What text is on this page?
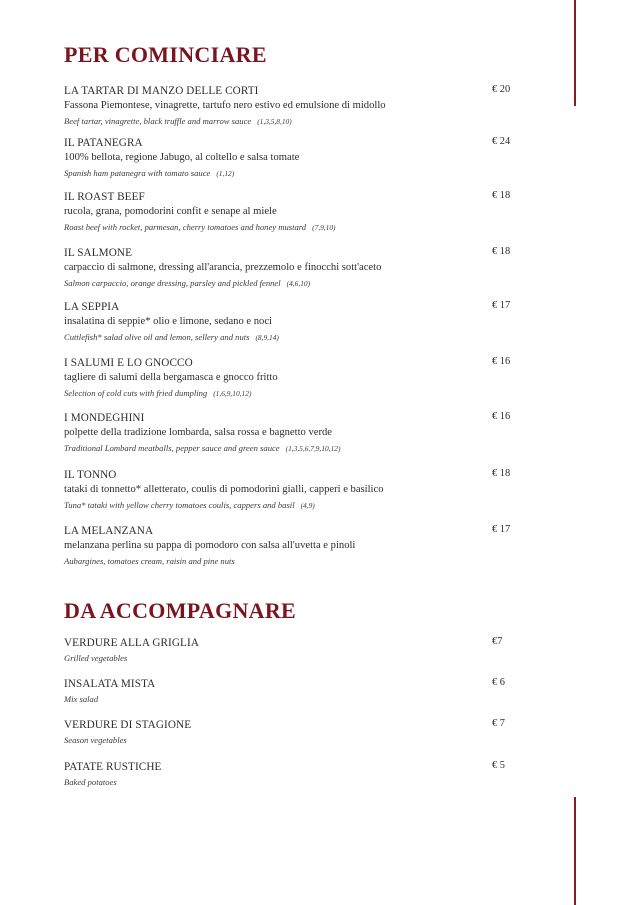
PER COMINCIARE
LA TARTAR DI MANZO DELLE CORTI
Fassona Piemontese, vinagrette, tartufo nero estivo ed emulsione di midollo
Beef tartar, vinagrette, black truffle and marrow sauce (1,3,5,8,10)
€ 20
IL PATANEGRA
100% bellota, regione Jabugo, al coltello e salsa tomate
Spanish ham patanegra with tomato sauce (1,12)
€ 24
IL ROAST BEEF
rucola, grana, pomodorini confit e senape al miele
Roast beef with rocket, parmesan, cherry tomatoes and honey mustard (7,9,10)
€ 18
IL SALMONE
carpaccio di salmone, dressing all'arancia, prezzemolo e finocchi sott'aceto
Salmon carpaccio, orange dressing, parsley and pickled fennel (4,6,10)
€ 18
LA SEPPIA
insalatina di seppie* olio e limone, sedano e noci
Cuttlefish* salad olive oil and lemon, sellery and nuts (8,9,14)
€ 17
I SALUMI E LO GNOCCO
tagliere di salumi della bergamasca e gnocco fritto
Selection of cold cuts with fried dumpling (1,6,9,10,12)
€ 16
I MONDEGHINI
polpette della tradizione lombarda, salsa rossa e bagnetto verde
Traditional Lombard meatballs, pepper sauce and green sauce (1,3,5,6,7,9,10,12)
€ 16
IL TONNO
tataki di tonnetto* alletterato, coulis di pomodorini gialli, capperi e basilico
Tuna* tataki with yellow cherry tomatoes coulis, cappers and basil (4,9)
€ 18
LA MELANZANA
melanzana perlina su pappa di pomodoro con salsa all'uvetta e pinoli
Aubargines, tomatoes cream, raisin and pine nuts
€ 17
DA ACCOMPAGNARE
VERDURE ALLA GRIGLIA
Grilled vegetables
€7
INSALATA MISTA
Mix salad
€ 6
VERDURE DI STAGIONE
Season vegetables
€ 7
PATATE RUSTICHE
Baked potatoes
€ 5
